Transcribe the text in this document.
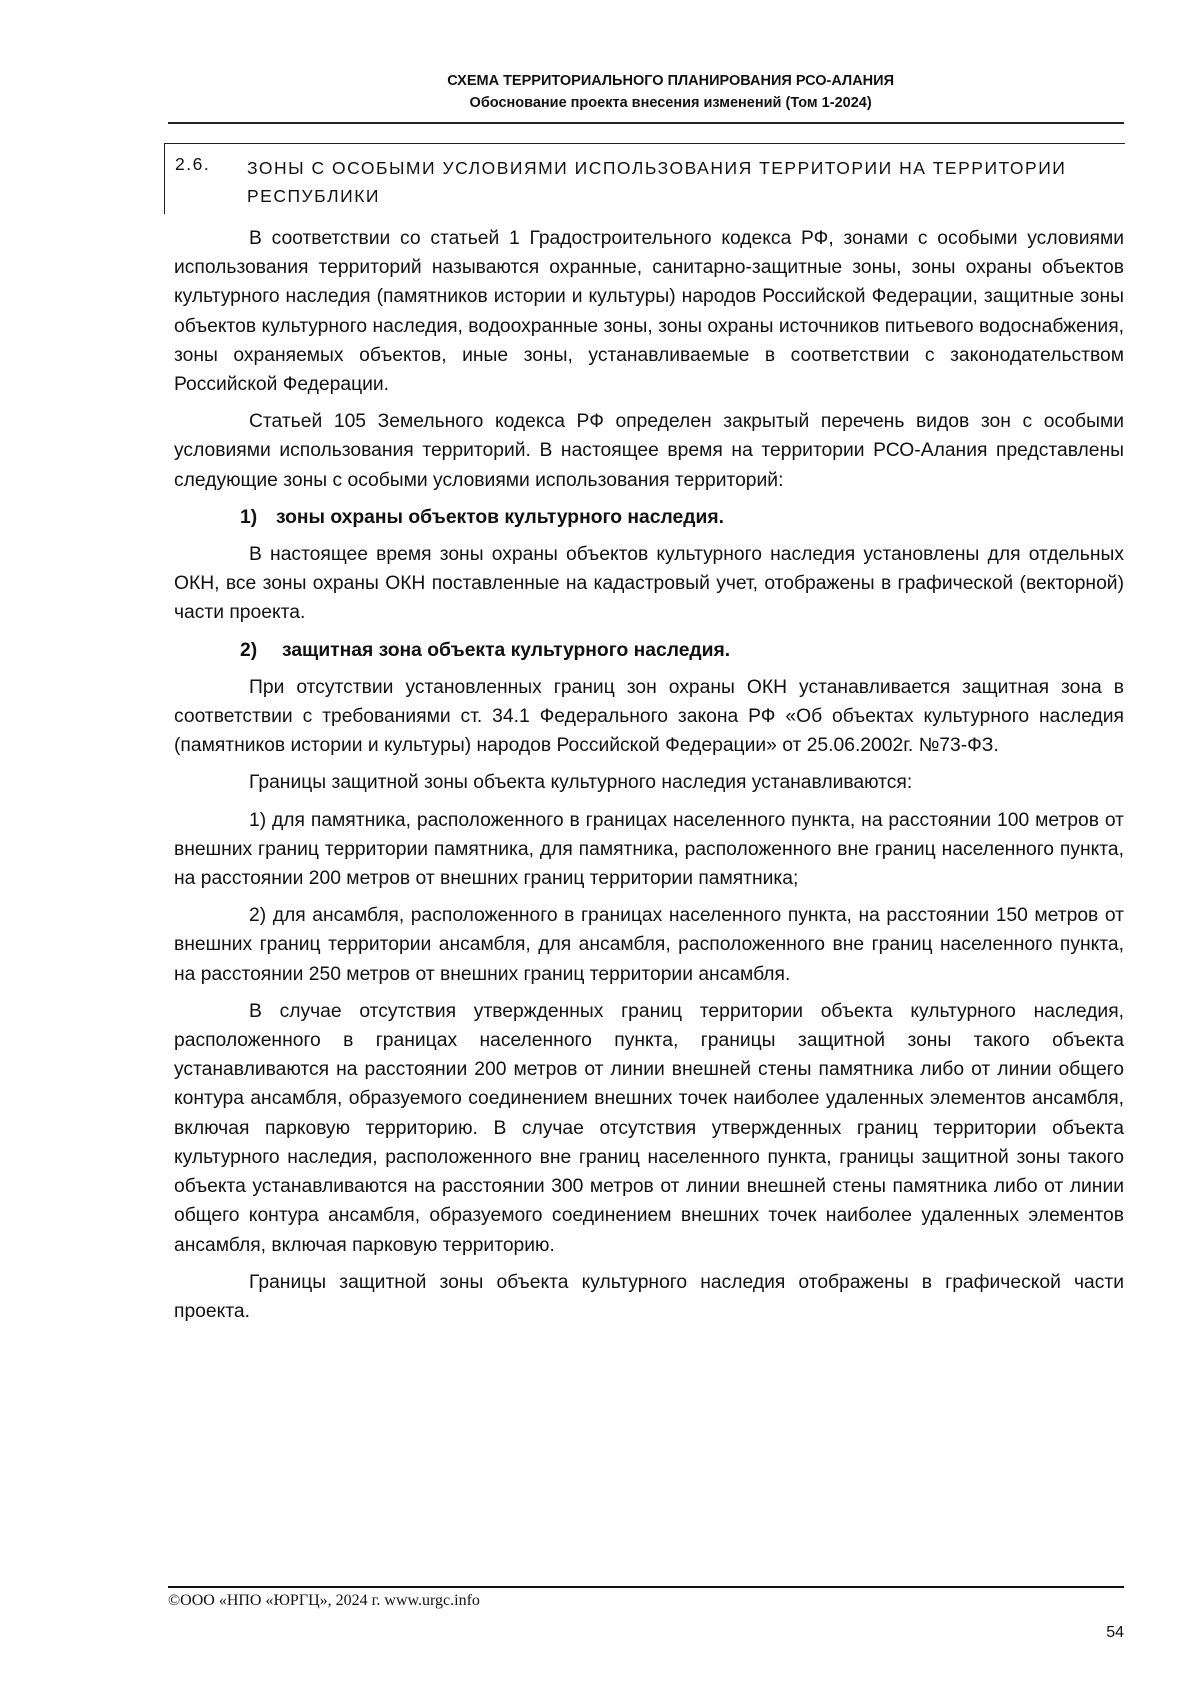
СХЕМА ТЕРРИТОРИАЛЬНОГО ПЛАНИРОВАНИЯ РСО-АЛАНИЯ
Обоснование проекта внесения изменений (Том 1-2024)
2.6. ЗОНЫ С ОСОБЫМИ УСЛОВИЯМИ ИСПОЛЬЗОВАНИЯ ТЕРРИТОРИИ НА ТЕРРИТОРИИ РЕСПУБЛИКИ

В соответствии со статьей 1 Градостроительного кодекса РФ, зонами с особыми условиями использования территорий называются охранные, санитарно-защитные зоны, зоны охраны объектов культурного наследия (памятников истории и культуры) народов Российской Федерации, защитные зоны объектов культурного наследия, водоохранные зоны, зоны охраны источников питьевого водоснабжения, зоны охраняемых объектов, иные зоны, устанавливаемые в соответствии с законодательством Российской Федерации.

Статьей 105 Земельного кодекса РФ определен закрытый перечень видов зон с особыми условиями использования территорий. В настоящее время на территории РСО-Алания представлены следующие зоны с особыми условиями использования территорий:

1) зоны охраны объектов культурного наследия.

В настоящее время зоны охраны объектов культурного наследия установлены для отдельных ОКН, все зоны охраны ОКН поставленные на кадастровый учет, отображены в графической (векторной) части проекта.

2) защитная зона объекта культурного наследия.

При отсутствии установленных границ зон охраны ОКН устанавливается защитная зона в соответствии с требованиями ст. 34.1 Федерального закона РФ «Об объектах культурного наследия (памятников истории и культуры) народов Российской Федерации» от 25.06.2002г. №73-ФЗ.

Границы защитной зоны объекта культурного наследия устанавливаются:

1) для памятника, расположенного в границах населенного пункта, на расстоянии 100 метров от внешних границ территории памятника, для памятника, расположенного вне границ населенного пункта, на расстоянии 200 метров от внешних границ территории памятника;

2) для ансамбля, расположенного в границах населенного пункта, на расстоянии 150 метров от внешних границ территории ансамбля, для ансамбля, расположенного вне границ населенного пункта, на расстоянии 250 метров от внешних границ территории ансамбля.

В случае отсутствия утвержденных границ территории объекта культурного наследия, расположенного в границах населенного пункта, границы защитной зоны такого объекта устанавливаются на расстоянии 200 метров от линии внешней стены памятника либо от линии общего контура ансамбля, образуемого соединением внешних точек наиболее удаленных элементов ансамбля, включая парковую территорию. В случае отсутствия утвержденных границ территории объекта культурного наследия, расположенного вне границ населенного пункта, границы защитной зоны такого объекта устанавливаются на расстоянии 300 метров от линии внешней стены памятника либо от линии общего контура ансамбля, образуемого соединением внешних точек наиболее удаленных элементов ансамбля, включая парковую территорию.

Границы защитной зоны объекта культурного наследия отображены в графической части проекта.

©ООО «НПО «ЮРГЦ», 2024 г. www.urgc.info
54
